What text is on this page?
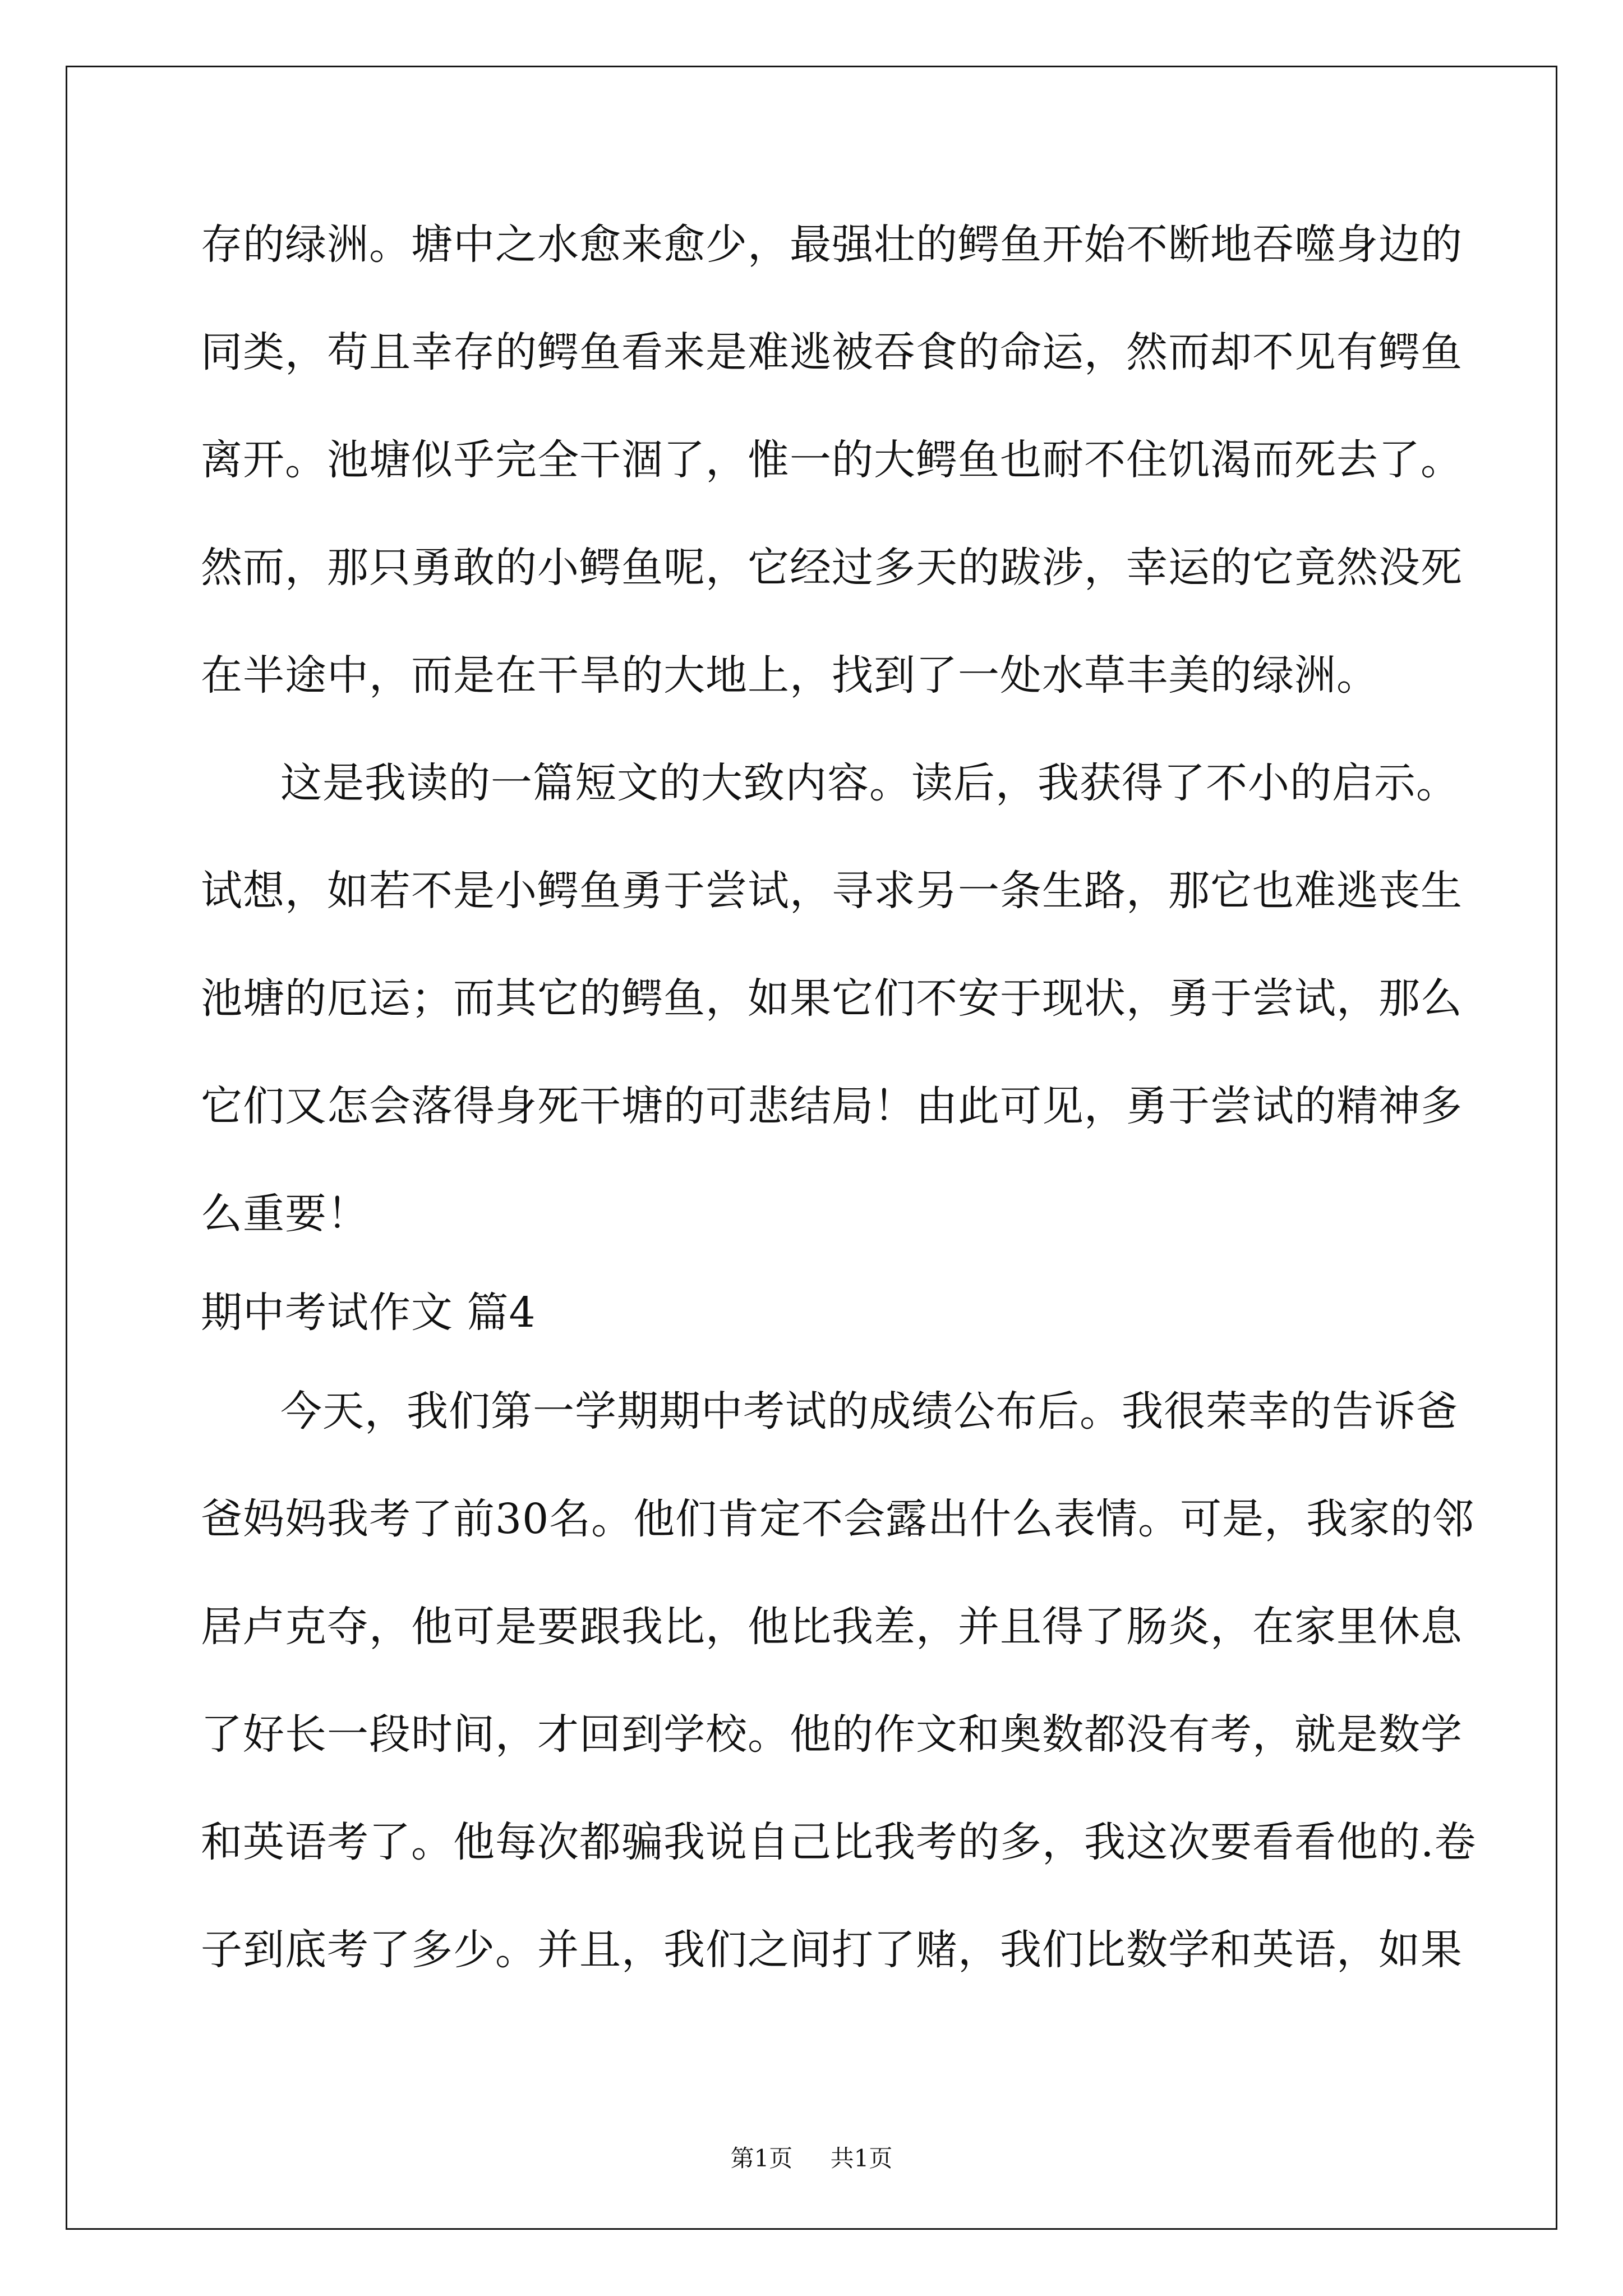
存的绿洲。塘中之水愈来愈少，最强壮的鳄鱼开始不断地吞噬身边的
同类，苟且幸存的鳄鱼看来是难逃被吞食的命运，然而却不见有鳄鱼
离开。池塘似乎完全干涸了，惟一的大鳄鱼也耐不住饥渴而死去了。
然而，那只勇敢的小鳄鱼呢，它经过多天的跋涉，幸运的它竟然没死
在半途中，而是在干旱的大地上，找到了一处水草丰美的绿洲。
这是我读的一篇短文的大致内容。读后，我获得了不小的启示。
试想，如若不是小鳄鱼勇于尝试，寻求另一条生路，那它也难逃丧生
池塘的厄运；而其它的鳄鱼，如果它们不安于现状，勇于尝试，那么
它们又怎会落得身死干塘的可悲结局！由此可见，勇于尝试的精神多
么重要！
期中考试作文 篇4
今天，我们第一学期期中考试的成绩公布后。我很荣幸的告诉爸
爸妈妈我考了前30名。他们肯定不会露出什么表情。可是，我家的邻
居卢克夺，他可是要跟我比，他比我差，并且得了肠炎，在家里休息
了好长一段时间，才回到学校。他的作文和奥数都没有考，就是数学
和英语考了。他每次都骗我说自己比我考的多，我这次要看看他的.卷
子到底考了多少。并且，我们之间打了赌，我们比数学和英语，如果
第1页 共1页
